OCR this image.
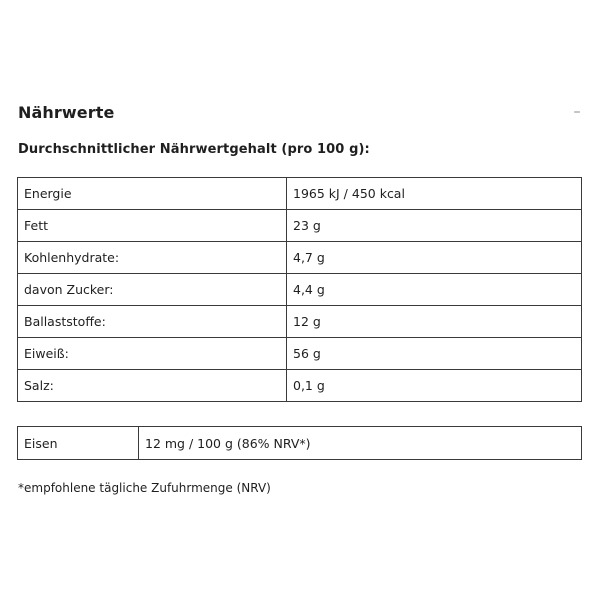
Nährwerte	–
Durchschnittlicher Nährwertgehalt (pro 100 g):
Energie	1965 kJ / 450 kcal
Fett	23 g
Kohlenhydrate:	4,7 g
davon Zucker:	4,4 g
Ballaststoffe:	12 g
Eiweiß:	56 g
Salz:	0,1 g
Eisen	12 mg / 100 g (86% NRV*)
*empfohlene tägliche Zufuhrmenge (NRV)
